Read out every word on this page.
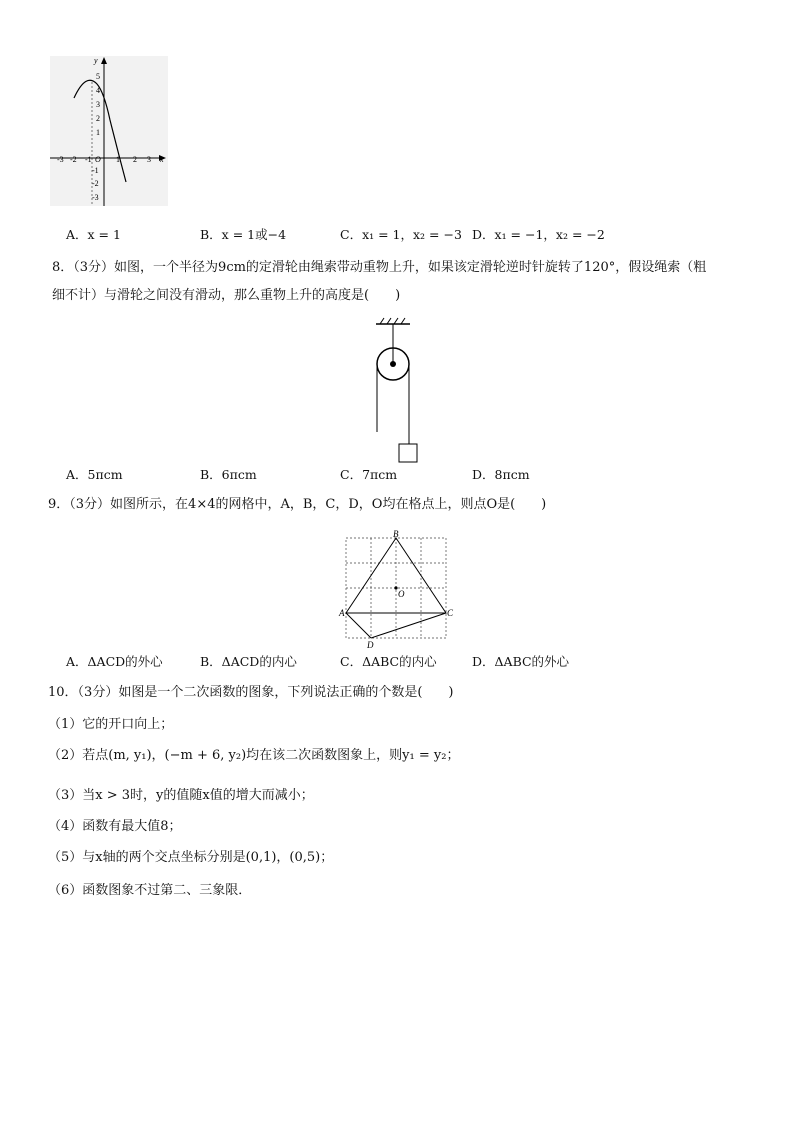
-3 -2 -1 O 1 2 3 x
y
5
4
3
2
1
-1
-2
-3
A．x = 1	B．x = 1或−4	C．x₁ = 1，x₂ = −3 D．x₁ = −1，x₂ = −2
8．（3分）如图，一个半径为9cm的定滑轮由绳索带动重物上升，如果该定滑轮逆时针旋转了120°，假设绳索（粗
细不计）与滑轮之间没有滑动，那么重物上升的高度是(　　)
A．5πcm	B．6πcm	C．7πcm	D．8πcm
9．（3分）如图所示，在4×4的网格中，A，B，C，D，O均在格点上，则点O是(　　)
B
A	C
D
O
A．ΔACD的外心	B．ΔACD的内心	C．ΔABC的内心	D．ΔABC的外心
10．（3分）如图是一个二次函数的图象，下列说法正确的个数是(　　)
（1）它的开口向上；
（2）若点(m, y₁)，(−m + 6, y₂)均在该二次函数图象上，则y₁ = y₂；
（3）当x > 3时，y的值随x值的增大而减小；
（4）函数有最大值8；
（5）与x轴的两个交点坐标分别是(0,1)，(0,5)；
（6）函数图象不过第二、三象限．
